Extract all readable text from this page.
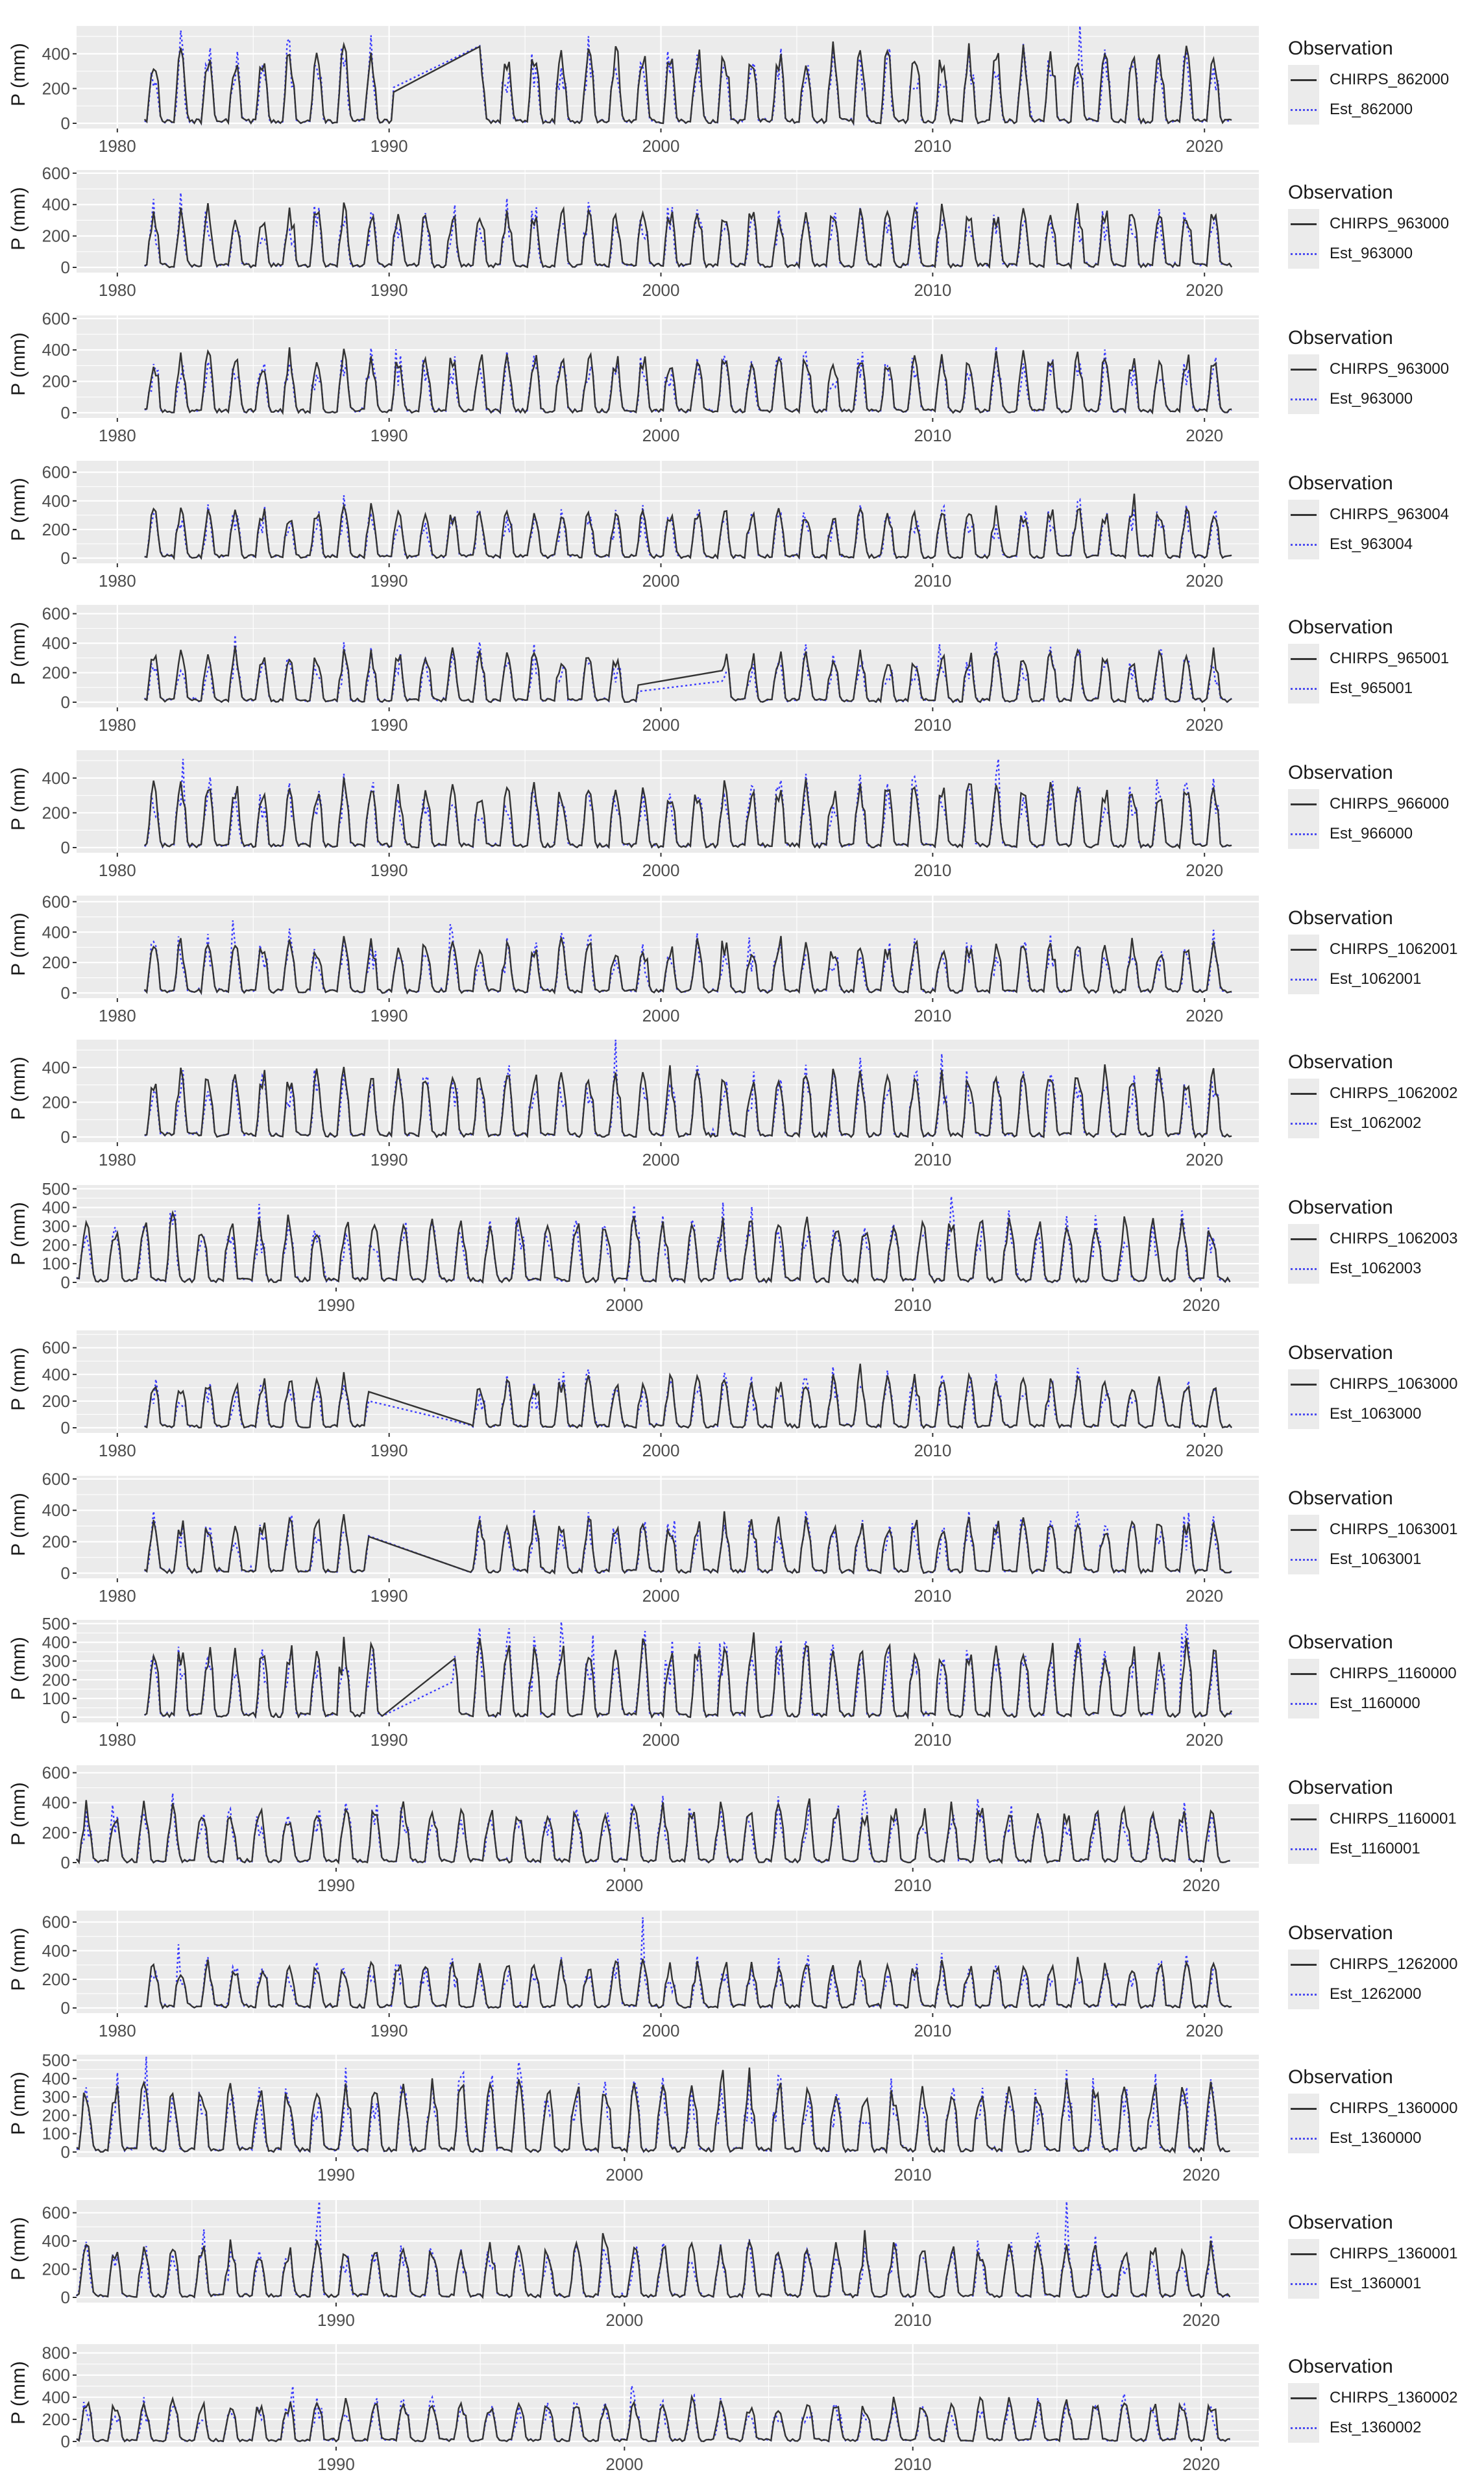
0
200
400
1980	1990	2000	2010	2020
P (mm)	Observation
CHIRPS_862000
Est_862000
0
200
400
600
1980	1990	2000	2010	2020
P (mm)	Observation
CHIRPS_963000
Est_963000
0
200
400
600
1980	1990	2000	2010	2020
P (mm)	Observation
CHIRPS_963000
Est_963000
0
200
400
600
1980	1990	2000	2010	2020
P (mm)	Observation
CHIRPS_963004
Est_963004
0
200
400
600
1980	1990	2000	2010	2020
P (mm)	Observation
CHIRPS_965001
Est_965001
0
200
400
1980	1990	2000	2010	2020
P (mm)	Observation
CHIRPS_966000
Est_966000
0
200
400
600
1980	1990	2000	2010	2020
P (mm)	Observation
CHIRPS_1062001
Est_1062001
0
200
400
1980	1990	2000	2010	2020
P (mm)	Observation
CHIRPS_1062002
Est_1062002
0
100
200
300
400
500
1990	2000	2010	2020
P (mm)	Observation
CHIRPS_1062003
Est_1062003
0
200
400
600
1980	1990	2000	2010	2020
P (mm)	Observation
CHIRPS_1063000
Est_1063000
0
200
400
600
1980	1990	2000	2010	2020
P (mm)	Observation
CHIRPS_1063001
Est_1063001
0
100
200
300
400
500
1980	1990	2000	2010	2020
P (mm)	Observation
CHIRPS_1160000
Est_1160000
0
200
400
600
1990	2000	2010	2020
P (mm)	Observation
CHIRPS_1160001
Est_1160001
0
200
400
600
1980	1990	2000	2010	2020
P (mm)	Observation
CHIRPS_1262000
Est_1262000
0
100
200
300
400
500
1990	2000	2010	2020
P (mm)	Observation
CHIRPS_1360000
Est_1360000
0
200
400
600
1990	2000	2010	2020
P (mm)	Observation
CHIRPS_1360001
Est_1360001
0
200
400
600
800
1990	2000	2010	2020
P (mm)	Observation
CHIRPS_1360002
Est_1360002
